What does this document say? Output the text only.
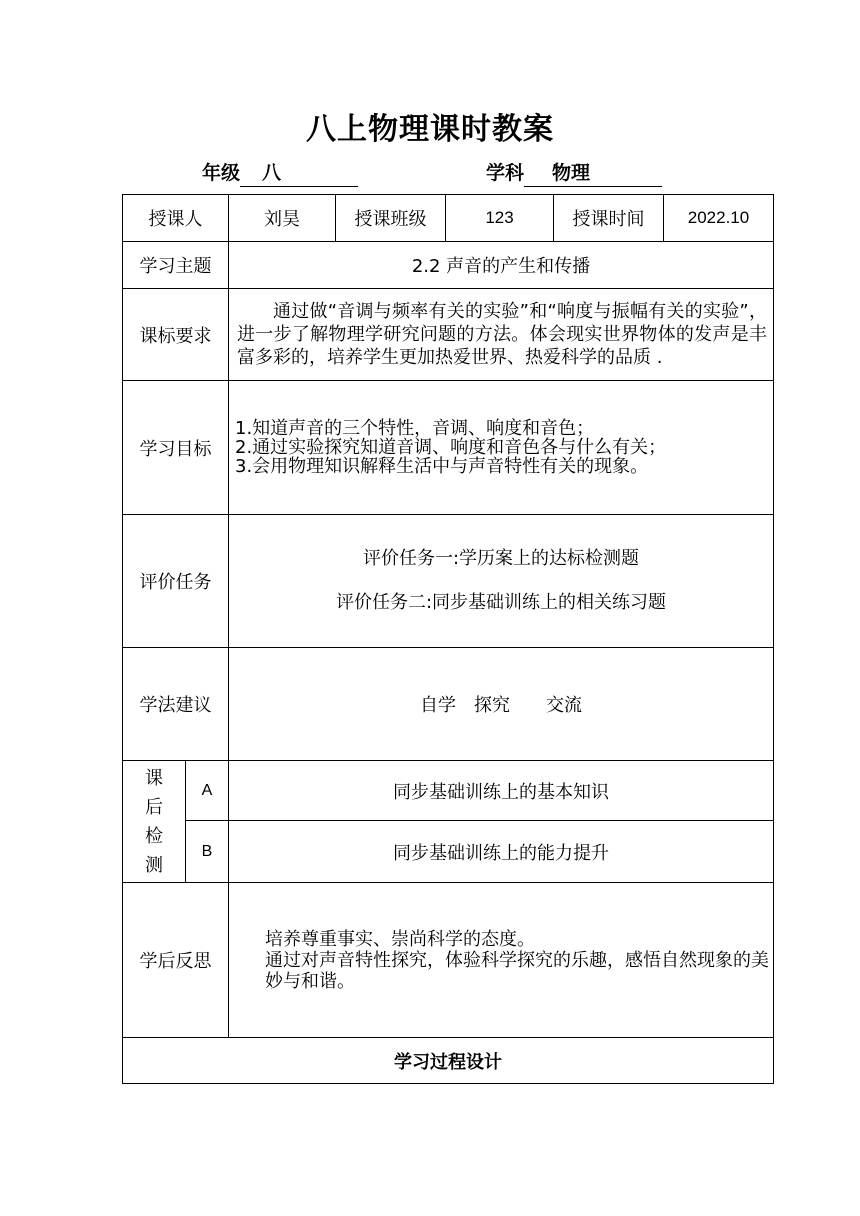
八上物理课时教案
年级 八	学科 物理
授课人		刘昊	授课班级	123	授课时间	2022.10
学习主题		2.2 声音的产生和传播				
课标要求		通过做“音调与频率有关的实验”和“响度与振幅有关的实验”，进一步了解物理学研究问题的方法。体会现实世界物体的发声是丰富多彩的，培养学生更加热爱世界、热爱科学的品质 .				

学习目标		1.知道声音的三个特性，音调、响度和音色；
2.通过实验探究知道音调、响度和音色各与什么有关；
3.会用物理知识解释生活中与声音特性有关的现象。				

评价任务		评价任务一:学历案上的达标检测题
评价任务二:同步基础训练上的相关练习题				

学法建议		自学　探究　　交流				

课
后
检
测	A	同步基础训练上的基本知识				
	B	同步基础训练上的能力提升				
学后反思		培养尊重事实、崇尚科学的态度。
通过对声音特性探究，体验科学探究的乐趣，感悟自然现象的美妙与和谐。				

学习过程设计						
